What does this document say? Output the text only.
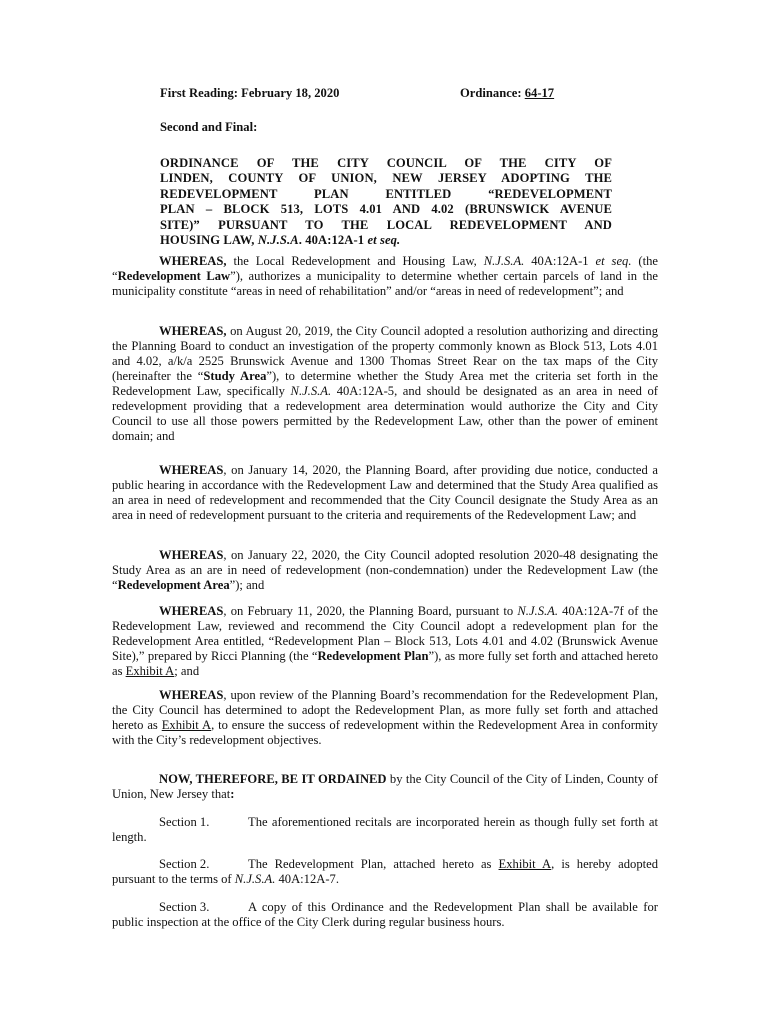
First Reading: February 18, 2020	Ordinance: 64-17
Second and Final:
ORDINANCE OF THE CITY COUNCIL OF THE CITY OF
LINDEN, COUNTY OF UNION, NEW JERSEY ADOPTING THE
REDEVELOPMENT PLAN ENTITLED “REDEVELOPMENT
PLAN – BLOCK 513, LOTS 4.01 AND 4.02 (BRUNSWICK AVENUE
SITE)” PURSUANT TO THE LOCAL REDEVELOPMENT AND
HOUSING LAW, N.J.S.A. 40A:12A-1 et seq.

WHEREAS, the Local Redevelopment and Housing Law, N.J.S.A. 40A:12A-1 et seq. (the “Redevelopment Law”), authorizes a municipality to determine whether certain parcels of land in the municipality constitute “areas in need of rehabilitation” and/or “areas in need of redevelopment”; and

WHEREAS, on August 20, 2019, the City Council adopted a resolution authorizing and directing the Planning Board to conduct an investigation of the property commonly known as Block 513, Lots 4.01 and 4.02, a/k/a 2525 Brunswick Avenue and 1300 Thomas Street Rear on the tax maps of the City (hereinafter the “Study Area”), to determine whether the Study Area met the criteria set forth in the Redevelopment Law, specifically N.J.S.A. 40A:12A-5, and should be designated as an area in need of redevelopment providing that a redevelopment area determination would authorize the City and City Council to use all those powers permitted by the Redevelopment Law, other than the power of eminent domain; and

WHEREAS, on January 14, 2020, the Planning Board, after providing due notice, conducted a public hearing in accordance with the Redevelopment Law and determined that the Study Area qualified as an area in need of redevelopment and recommended that the City Council designate the Study Area as an area in need of redevelopment pursuant to the criteria and requirements of the Redevelopment Law; and

WHEREAS, on January 22, 2020, the City Council adopted resolution 2020-48 designating the Study Area as an are in need of redevelopment (non-condemnation) under the Redevelopment Law (the “Redevelopment Area”); and

WHEREAS, on February 11, 2020, the Planning Board, pursuant to N.J.S.A. 40A:12A-7f of the Redevelopment Law, reviewed and recommend the City Council adopt a redevelopment plan for the Redevelopment Area entitled, “Redevelopment Plan – Block 513, Lots 4.01 and 4.02 (Brunswick Avenue Site),” prepared by Ricci Planning (the “Redevelopment Plan”), as more fully set forth and attached hereto as Exhibit A; and

WHEREAS, upon review of the Planning Board’s recommendation for the Redevelopment Plan, the City Council has determined to adopt the Redevelopment Plan, as more fully set forth and attached hereto as Exhibit A, to ensure the success of redevelopment within the Redevelopment Area in conformity with the City’s redevelopment objectives.

NOW, THEREFORE, BE IT ORDAINED by the City Council of the City of Linden, County of Union, New Jersey that:

Section 1.	The aforementioned recitals are incorporated herein as though fully set forth at length.

Section 2.	The Redevelopment Plan, attached hereto as Exhibit A, is hereby adopted pursuant to the terms of N.J.S.A. 40A:12A-7.

Section 3.	A copy of this Ordinance and the Redevelopment Plan shall be available for public inspection at the office of the City Clerk during regular business hours.
